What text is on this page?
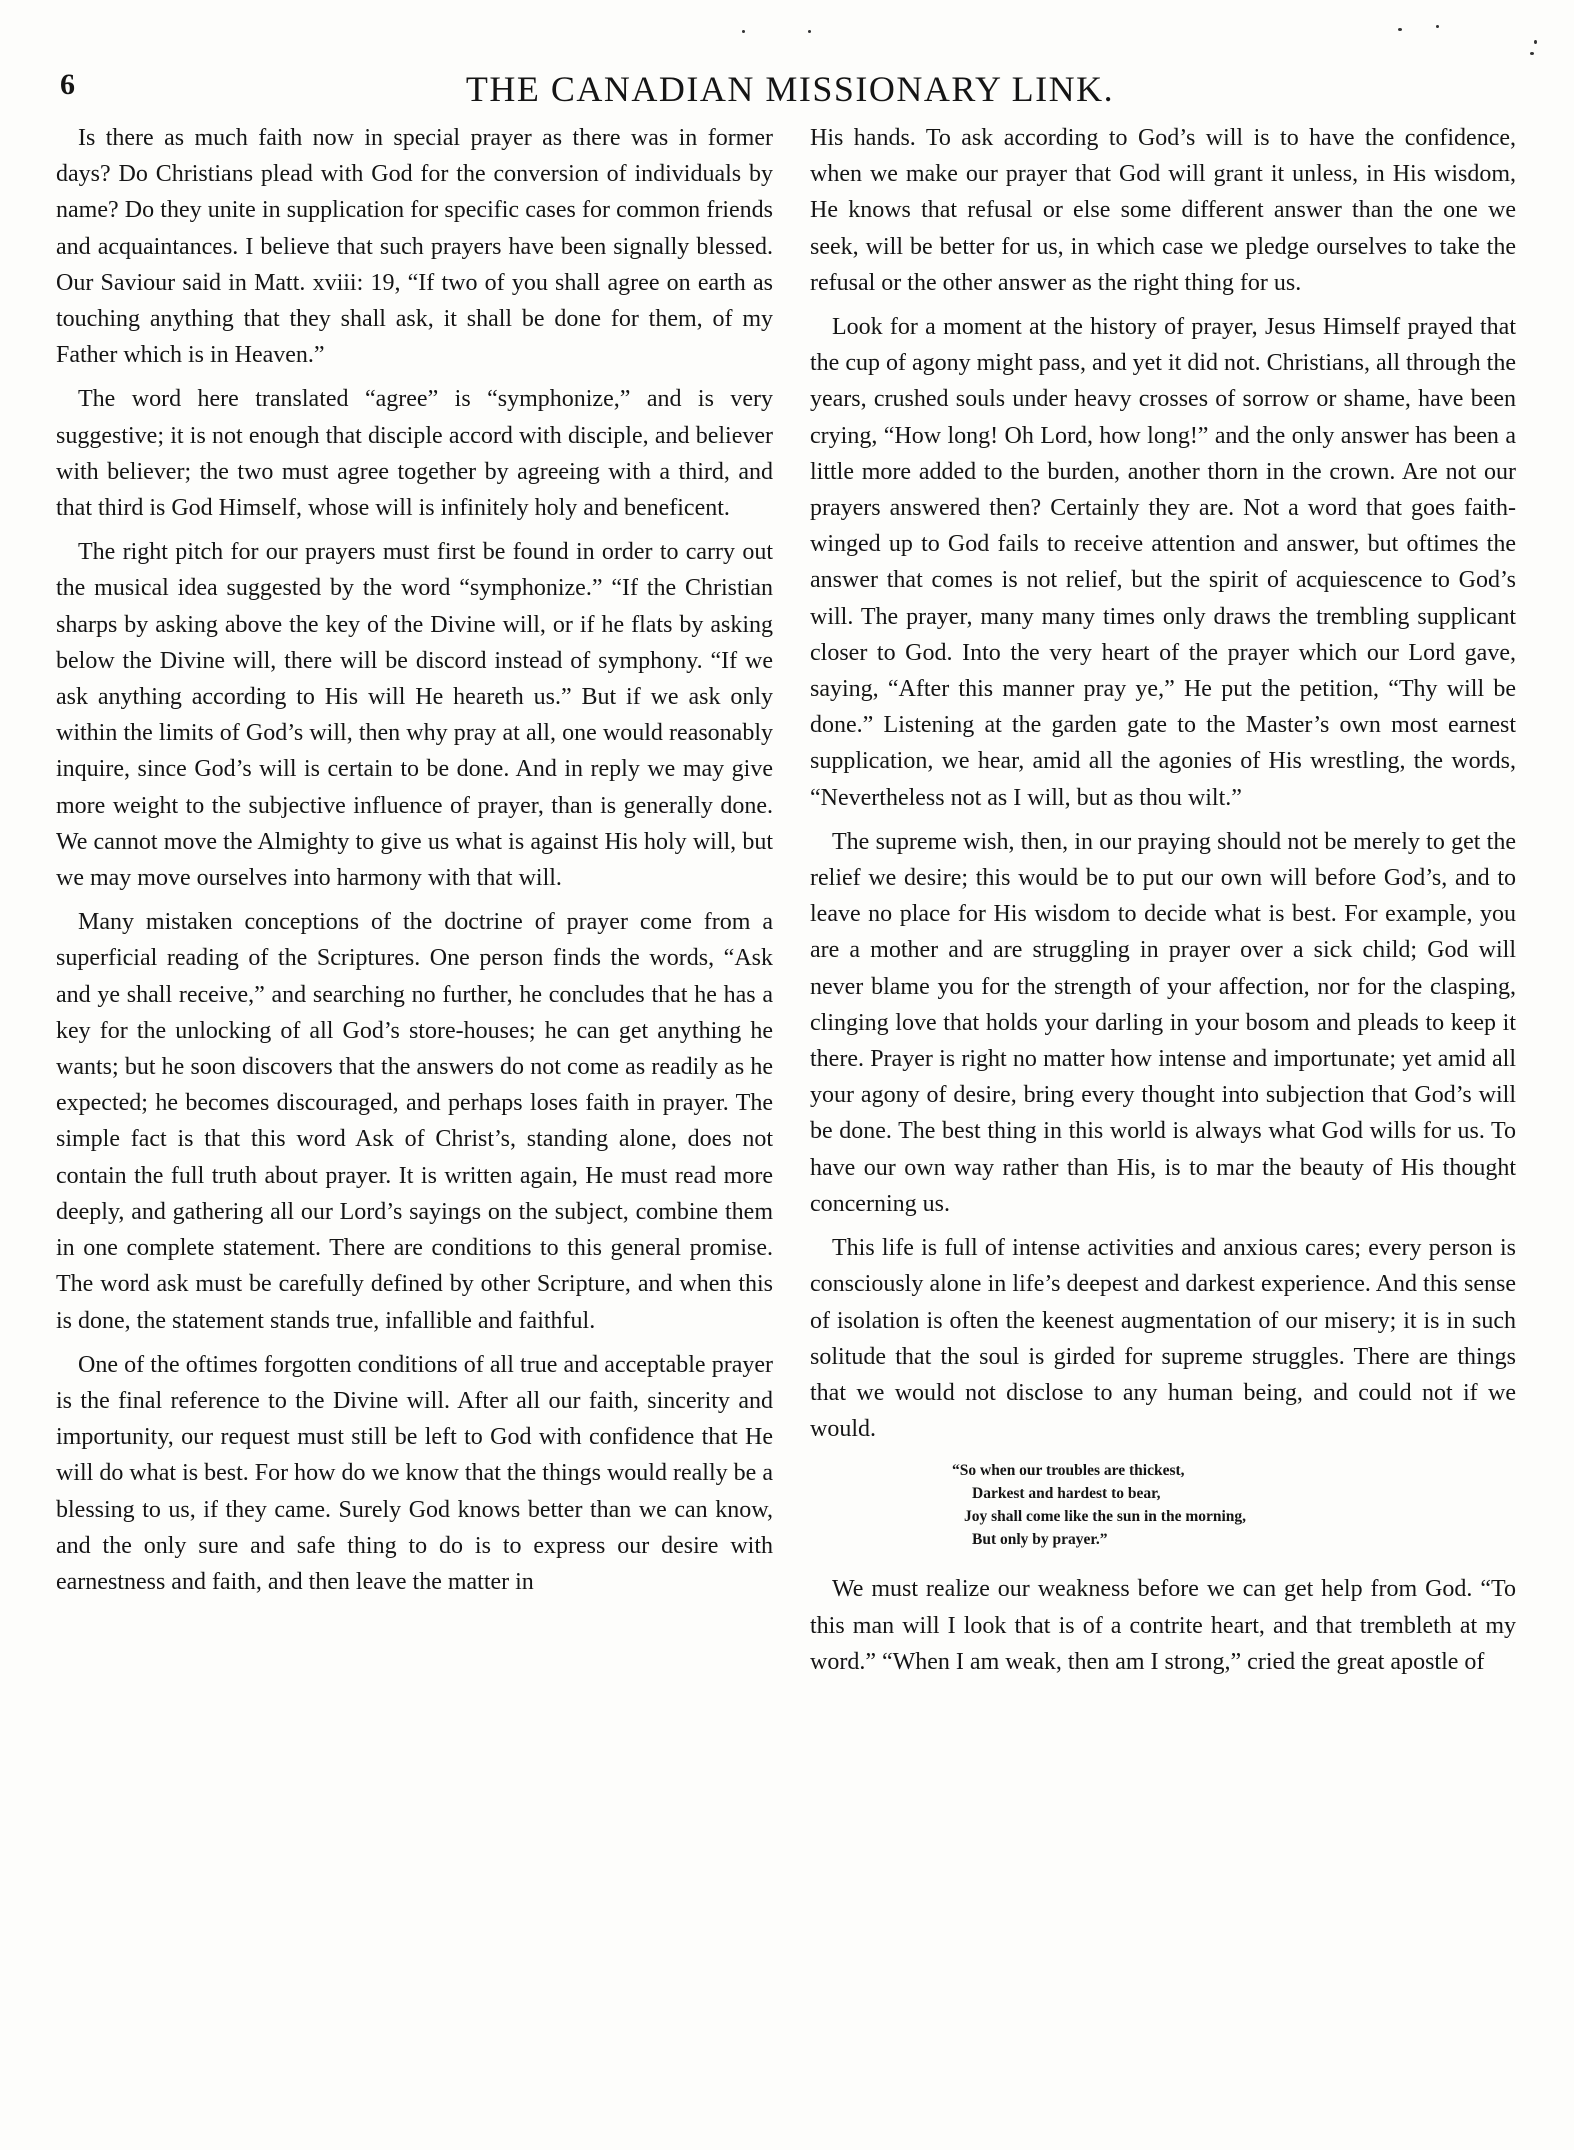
6	THE CANADIAN MISSIONARY LINK.

Is there as much faith now in special prayer as there was in former days? Do Christians plead with God for the conversion of individuals by name? Do they unite in supplication for specific cases for common friends and acquaintances. I believe that such prayers have been signally blessed. Our Saviour said in Matt. xviii: 19, “If two of you shall agree on earth as touching anything that they shall ask, it shall be done for them, of my Father which is in Heaven.”

The word here translated “agree” is “symphonize,” and is very suggestive; it is not enough that disciple accord with disciple, and believer with believer; the two must agree together by agreeing with a third, and that third is God Himself, whose will is infinitely holy and beneficent.

The right pitch for our prayers must first be found in order to carry out the musical idea suggested by the word “symphonize.” “If the Christian sharps by asking above the key of the Divine will, or if he flats by asking below the Divine will, there will be discord instead of symphony. “If we ask anything according to His will He heareth us.” But if we ask only within the limits of God’s will, then why pray at all, one would reasonably inquire, since God’s will is certain to be done. And in reply we may give more weight to the subjective influence of prayer, than is generally done. We cannot move the Almighty to give us what is against His holy will, but we may move ourselves into harmony with that will.

Many mistaken conceptions of the doctrine of prayer come from a superficial reading of the Scriptures. One person finds the words, “Ask and ye shall receive,” and searching no further, he concludes that he has a key for the unlocking of all God’s store-houses; he can get anything he wants; but he soon discovers that the answers do not come as readily as he expected; he becomes discouraged, and perhaps loses faith in prayer. The simple fact is that this word Ask of Christ’s, standing alone, does not contain the full truth about prayer. It is written again, He must read more deeply, and gathering all our Lord’s sayings on the subject, combine them in one complete statement. There are conditions to this general promise. The word ask must be carefully defined by other Scripture, and when this is done, the statement stands true, infallible and faithful.

One of the oftimes forgotten conditions of all true and acceptable prayer is the final reference to the Divine will. After all our faith, sincerity and importunity, our request must still be left to God with confidence that He will do what is best. For how do we know that the things would really be a blessing to us, if they came. Surely God knows better than we can know, and the only sure and safe thing to do is to express our desire with earnestness and faith, and then leave the matter in

His hands. To ask according to God’s will is to have the confidence, when we make our prayer that God will grant it unless, in His wisdom, He knows that refusal or else some different answer than the one we seek, will be better for us, in which case we pledge ourselves to take the refusal or the other answer as the right thing for us.

Look for a moment at the history of prayer, Jesus Himself prayed that the cup of agony might pass, and yet it did not. Christians, all through the years, crushed souls under heavy crosses of sorrow or shame, have been crying, “How long! Oh Lord, how long!” and the only answer has been a little more added to the burden, another thorn in the crown. Are not our prayers answered then? Certainly they are. Not a word that goes faith-winged up to God fails to receive attention and answer, but oftimes the answer that comes is not relief, but the spirit of acquiescence to God’s will. The prayer, many many times only draws the trembling supplicant closer to God. Into the very heart of the prayer which our Lord gave, saying, “After this manner pray ye,” He put the petition, “Thy will be done.” Listening at the garden gate to the Master’s own most earnest supplication, we hear, amid all the agonies of His wrestling, the words, “Nevertheless not as I will, but as thou wilt.”

The supreme wish, then, in our praying should not be merely to get the relief we desire; this would be to put our own will before God’s, and to leave no place for His wisdom to decide what is best. For example, you are a mother and are struggling in prayer over a sick child; God will never blame you for the strength of your affection, nor for the clasping, clinging love that holds your darling in your bosom and pleads to keep it there. Prayer is right no matter how intense and importunate; yet amid all your agony of desire, bring every thought into subjection that God’s will be done. The best thing in this world is always what God wills for us. To have our own way rather than His, is to mar the beauty of His thought concerning us.

This life is full of intense activities and anxious cares; every person is consciously alone in life’s deepest and darkest experience. And this sense of isolation is often the keenest augmentation of our misery; it is in such solitude that the soul is girded for supreme struggles. There are things that we would not disclose to any human being, and could not if we would.

“So when our troubles are thickest,
Darkest and hardest to bear,
Joy shall come like the sun in the morning,
But only by prayer.”

We must realize our weakness before we can get help from God. “To this man will I look that is of a contrite heart, and that trembleth at my word.” “When I am weak, then am I strong,” cried the great apostle of
